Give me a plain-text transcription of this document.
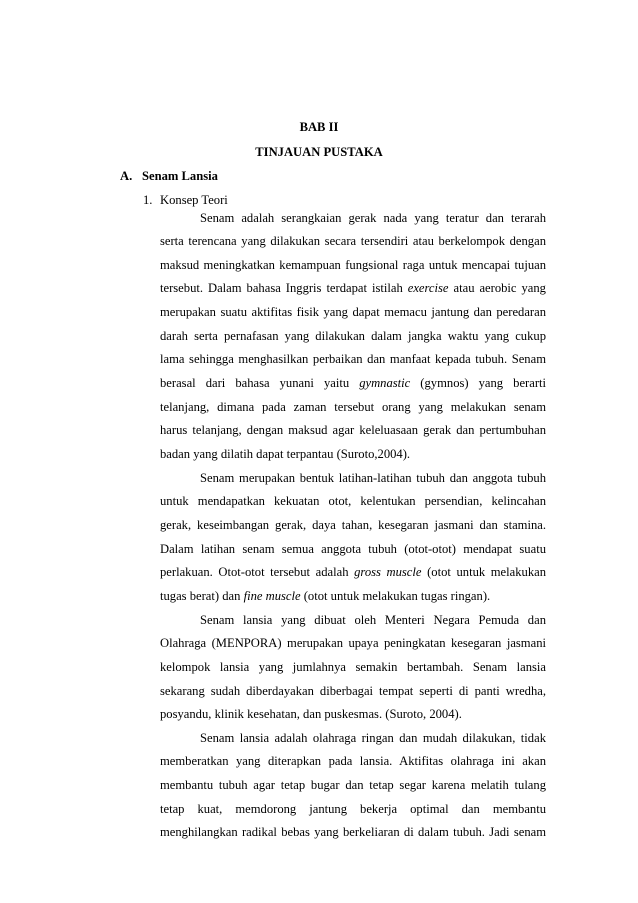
BAB II
TINJAUAN PUSTAKA
A. Senam Lansia
1. Konsep Teori
Senam adalah serangkaian gerak nada yang teratur dan terarah
serta terencana yang dilakukan secara tersendiri atau berkelompok dengan
maksud meningkatkan kemampuan fungsional raga untuk mencapai tujuan
tersebut. Dalam bahasa Inggris terdapat istilah exercise atau aerobic yang
merupakan suatu aktifitas fisik yang dapat memacu jantung dan peredaran
darah serta pernafasan yang dilakukan dalam jangka waktu yang cukup
lama sehingga menghasilkan perbaikan dan manfaat kepada tubuh. Senam
berasal dari bahasa yunani yaitu gymnastic (gymnos) yang berarti
telanjang, dimana pada zaman tersebut orang yang melakukan senam
harus telanjang, dengan maksud agar keleluasaan gerak dan pertumbuhan
badan yang dilatih dapat terpantau (Suroto,2004).
Senam merupakan bentuk latihan-latihan tubuh dan anggota tubuh
untuk mendapatkan kekuatan otot, kelentukan persendian, kelincahan
gerak, keseimbangan gerak, daya tahan, kesegaran jasmani dan stamina.
Dalam latihan senam semua anggota tubuh (otot-otot) mendapat suatu
perlakuan. Otot-otot tersebut adalah gross muscle (otot untuk melakukan
tugas berat) dan fine muscle (otot untuk melakukan tugas ringan).
Senam lansia yang dibuat oleh Menteri Negara Pemuda dan
Olahraga (MENPORA) merupakan upaya peningkatan kesegaran jasmani
kelompok lansia yang jumlahnya semakin bertambah. Senam lansia
sekarang sudah diberdayakan diberbagai tempat seperti di panti wredha,
posyandu, klinik kesehatan, dan puskesmas. (Suroto, 2004).
Senam lansia adalah olahraga ringan dan mudah dilakukan, tidak
memberatkan yang diterapkan pada lansia. Aktifitas olahraga ini akan
membantu tubuh agar tetap bugar dan tetap segar karena melatih tulang
tetap kuat, memdorong jantung bekerja optimal dan membantu
menghilangkan radikal bebas yang berkeliaran di dalam tubuh. Jadi senam
